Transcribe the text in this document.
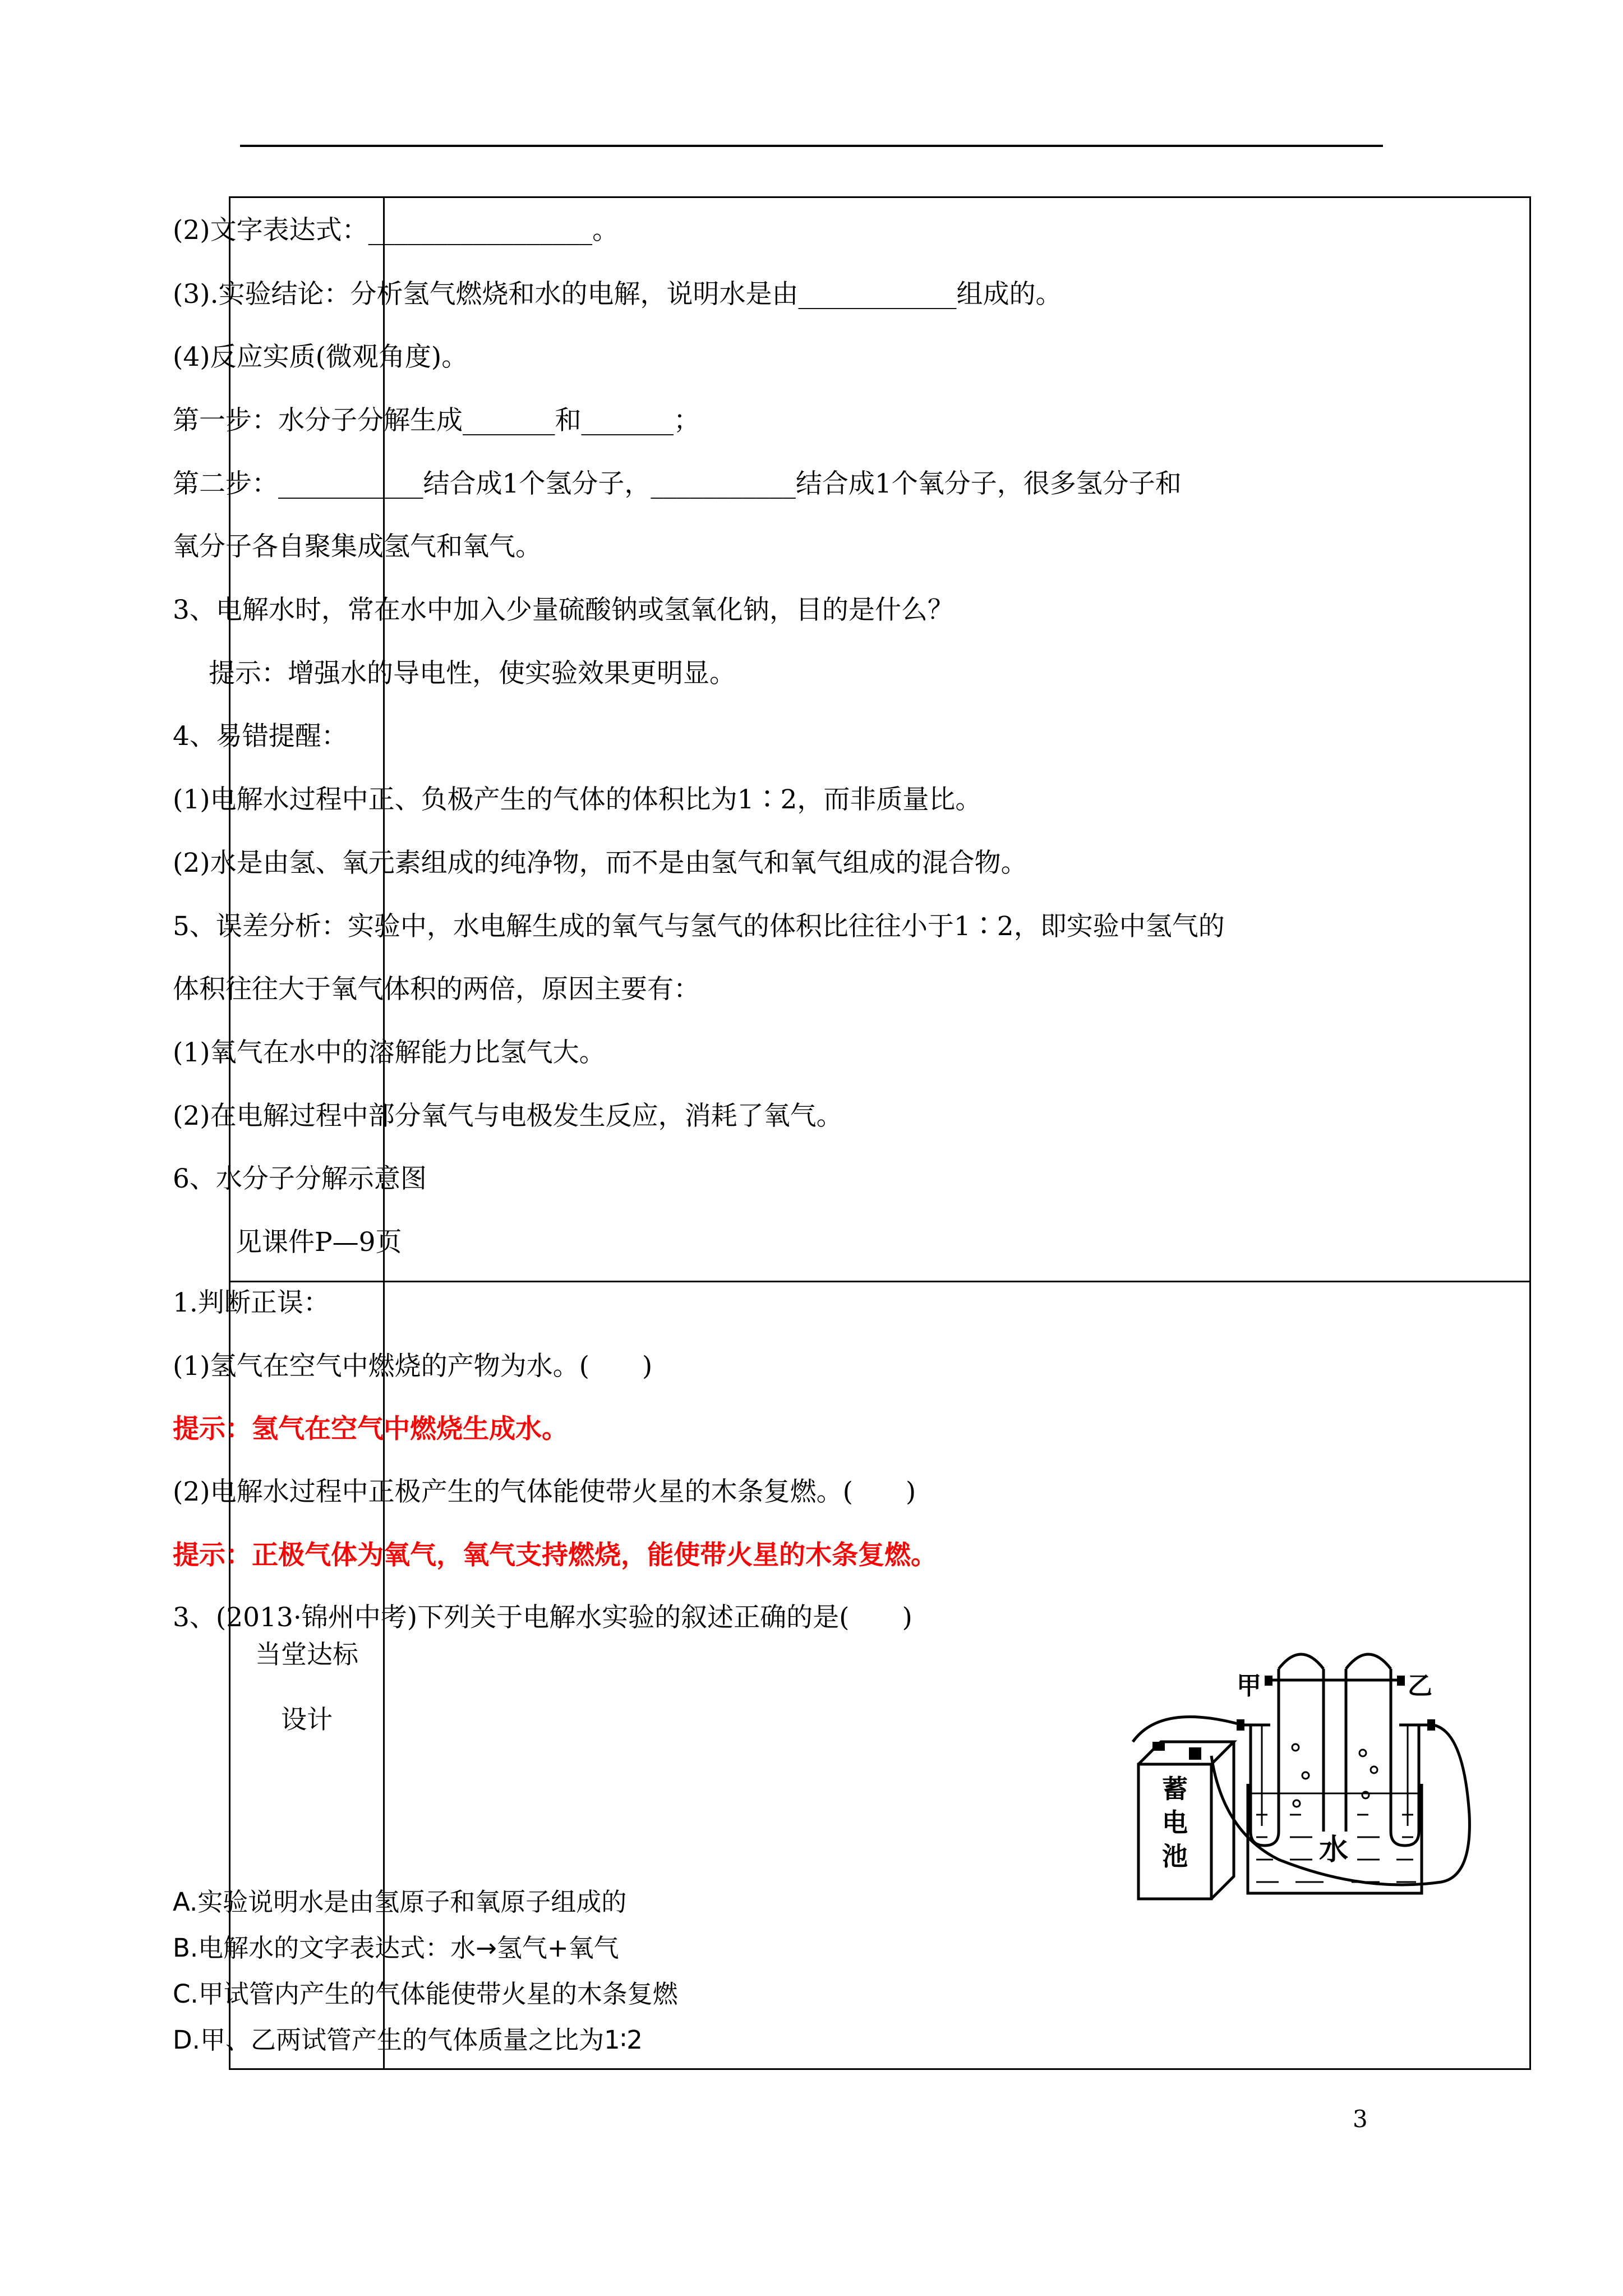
当堂达标
设计
(2)文字表达式：_________________。
(3).实验结论：分析氢气燃烧和水的电解，说明水是由____________组成的。
(4)反应实质(微观角度)。
第一步：水分子分解生成_______和_______；
第二步：___________结合成1个氢分子，___________结合成1个氧分子，很多氢分子和
氧分子各自聚集成氢气和氧气。
3、电解水时，常在水中加入少量硫酸钠或氢氧化钠，目的是什么？
提示：增强水的导电性，使实验效果更明显。
4、易错提醒：
(1)电解水过程中正、负极产生的气体的体积比为1∶2，而非质量比。
(2)水是由氢、氧元素组成的纯净物，而不是由氢气和氧气组成的混合物。
5、误差分析：实验中，水电解生成的氧气与氢气的体积比往往小于1∶2，即实验中氢气的
体积往往大于氧气体积的两倍，原因主要有：
(1)氧气在水中的溶解能力比氢气大。
(2)在电解过程中部分氧气与电极发生反应，消耗了氧气。
6、水分子分解示意图
见课件P—9页
1.判断正误：
(1)氢气在空气中燃烧的产物为水。(　　)
提示：氢气在空气中燃烧生成水。
(2)电解水过程中正极产生的气体能使带火星的木条复燃。(　　)
提示：正极气体为氧气，氧气支持燃烧，能使带火星的木条复燃。
3、(2013·锦州中考)下列关于电解水实验的叙述正确的是(　　)
A.实验说明水是由氢原子和氧原子组成的
B.电解水的文字表达式：水→氢气+氧气
C.甲试管内产生的气体能使带火星的木条复燃
D.甲、乙两试管产生的气体质量之比为1∶2
甲	乙
蓄
电
池	水
3
